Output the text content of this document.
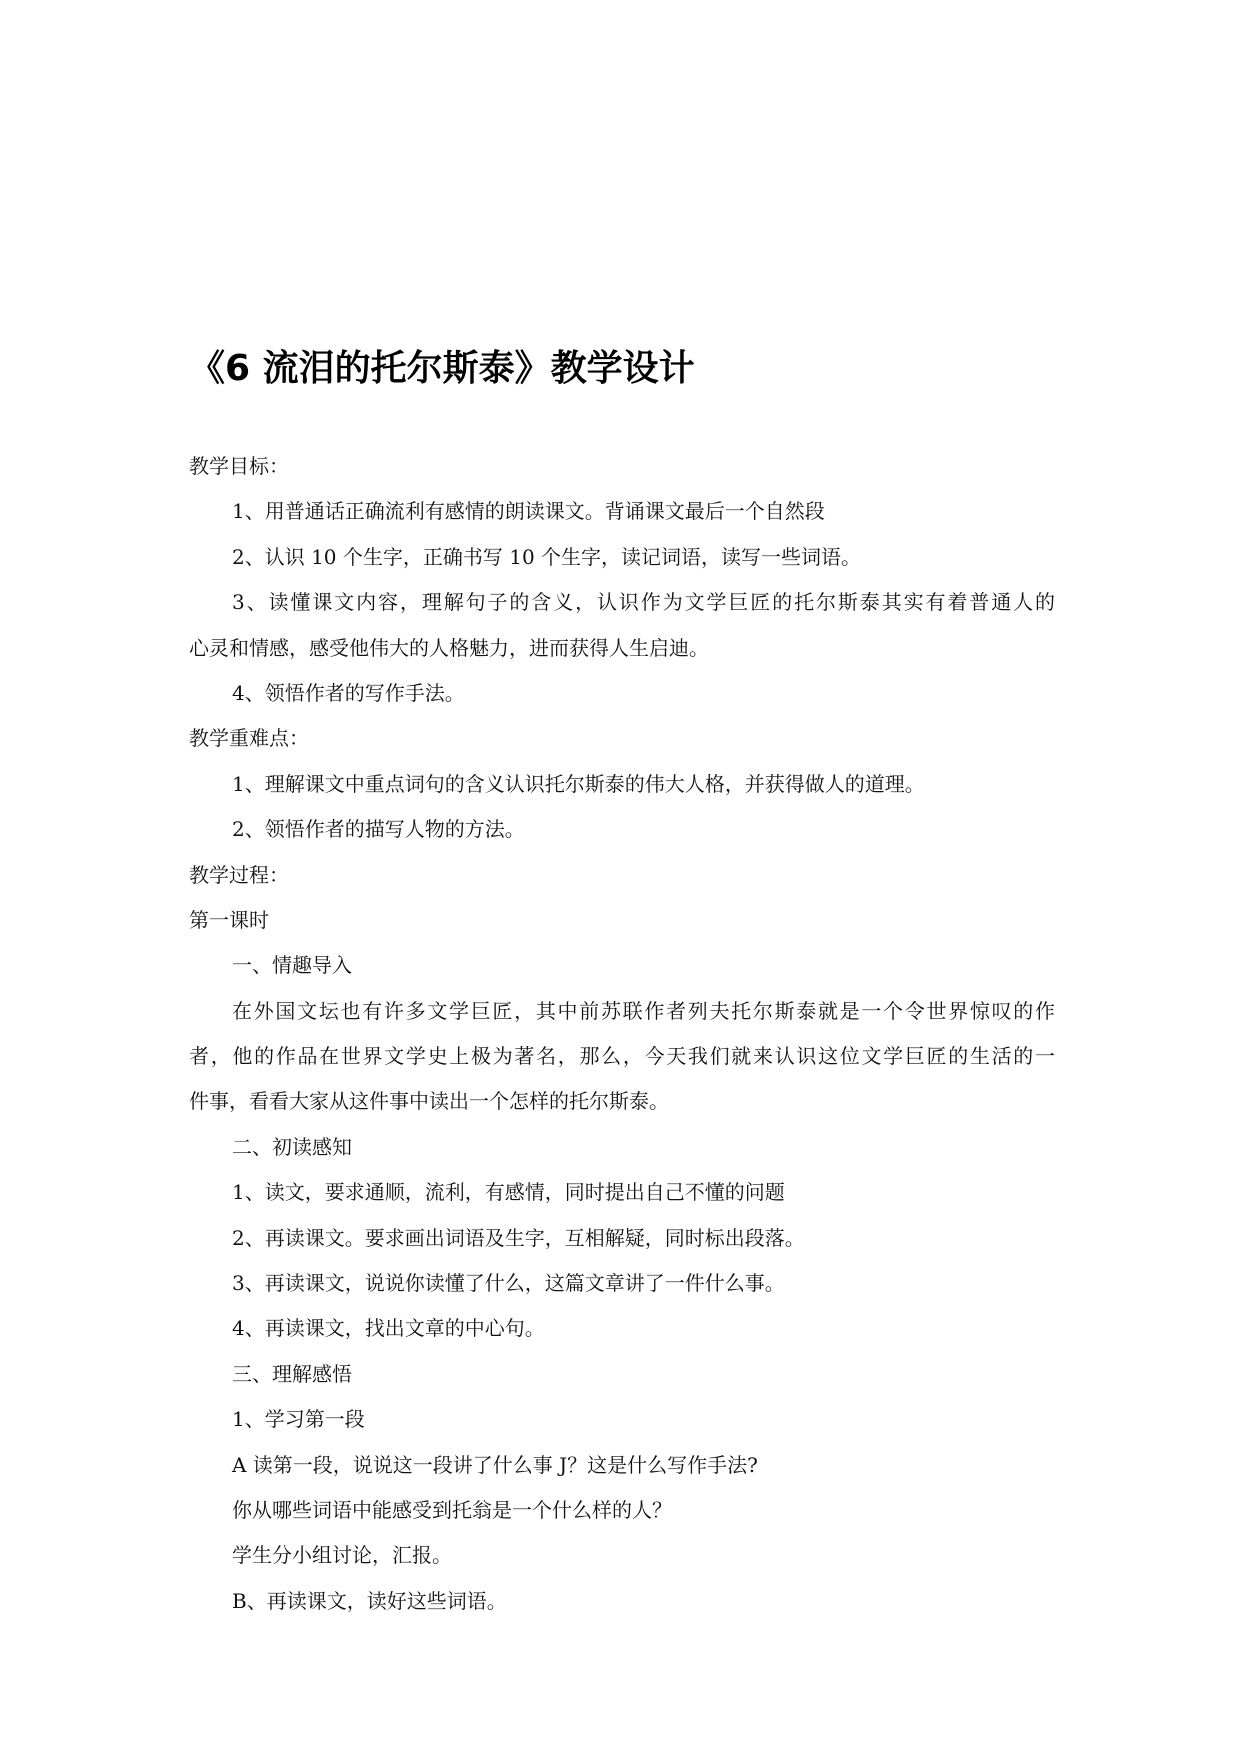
《6 流泪的托尔斯泰》教学设计
教学目标：
1、用普通话正确流利有感情的朗读课文。背诵课文最后一个自然段
2、认识 10 个生字，正确书写 10 个生字，读记词语，读写一些词语。
3、读懂课文内容，理解句子的含义，认识作为文学巨匠的托尔斯泰其实有着普通人的
心灵和情感，感受他伟大的人格魅力，进而获得人生启迪。
4、领悟作者的写作手法。
教学重难点：
1、理解课文中重点词句的含义认识托尔斯泰的伟大人格，并获得做人的道理。
2、领悟作者的描写人物的方法。
教学过程：
第一课时
一、情趣导入
在外国文坛也有许多文学巨匠，其中前苏联作者列夫托尔斯泰就是一个令世界惊叹的作
者，他的作品在世界文学史上极为著名，那么，今天我们就来认识这位文学巨匠的生活的一
件事，看看大家从这件事中读出一个怎样的托尔斯泰。
二、初读感知
1、读文，要求通顺，流利，有感情，同时提出自己不懂的问题
2、再读课文。要求画出词语及生字，互相解疑，同时标出段落。
3、再读课文，说说你读懂了什么，这篇文章讲了一件什么事。
4、再读课文，找出文章的中心句。
三、理解感悟
1、学习第一段
A 读第一段，说说这一段讲了什么事 J？这是什么写作手法?
你从哪些词语中能感受到托翁是一个什么样的人？
学生分小组讨论，汇报。
B、再读课文，读好这些词语。
